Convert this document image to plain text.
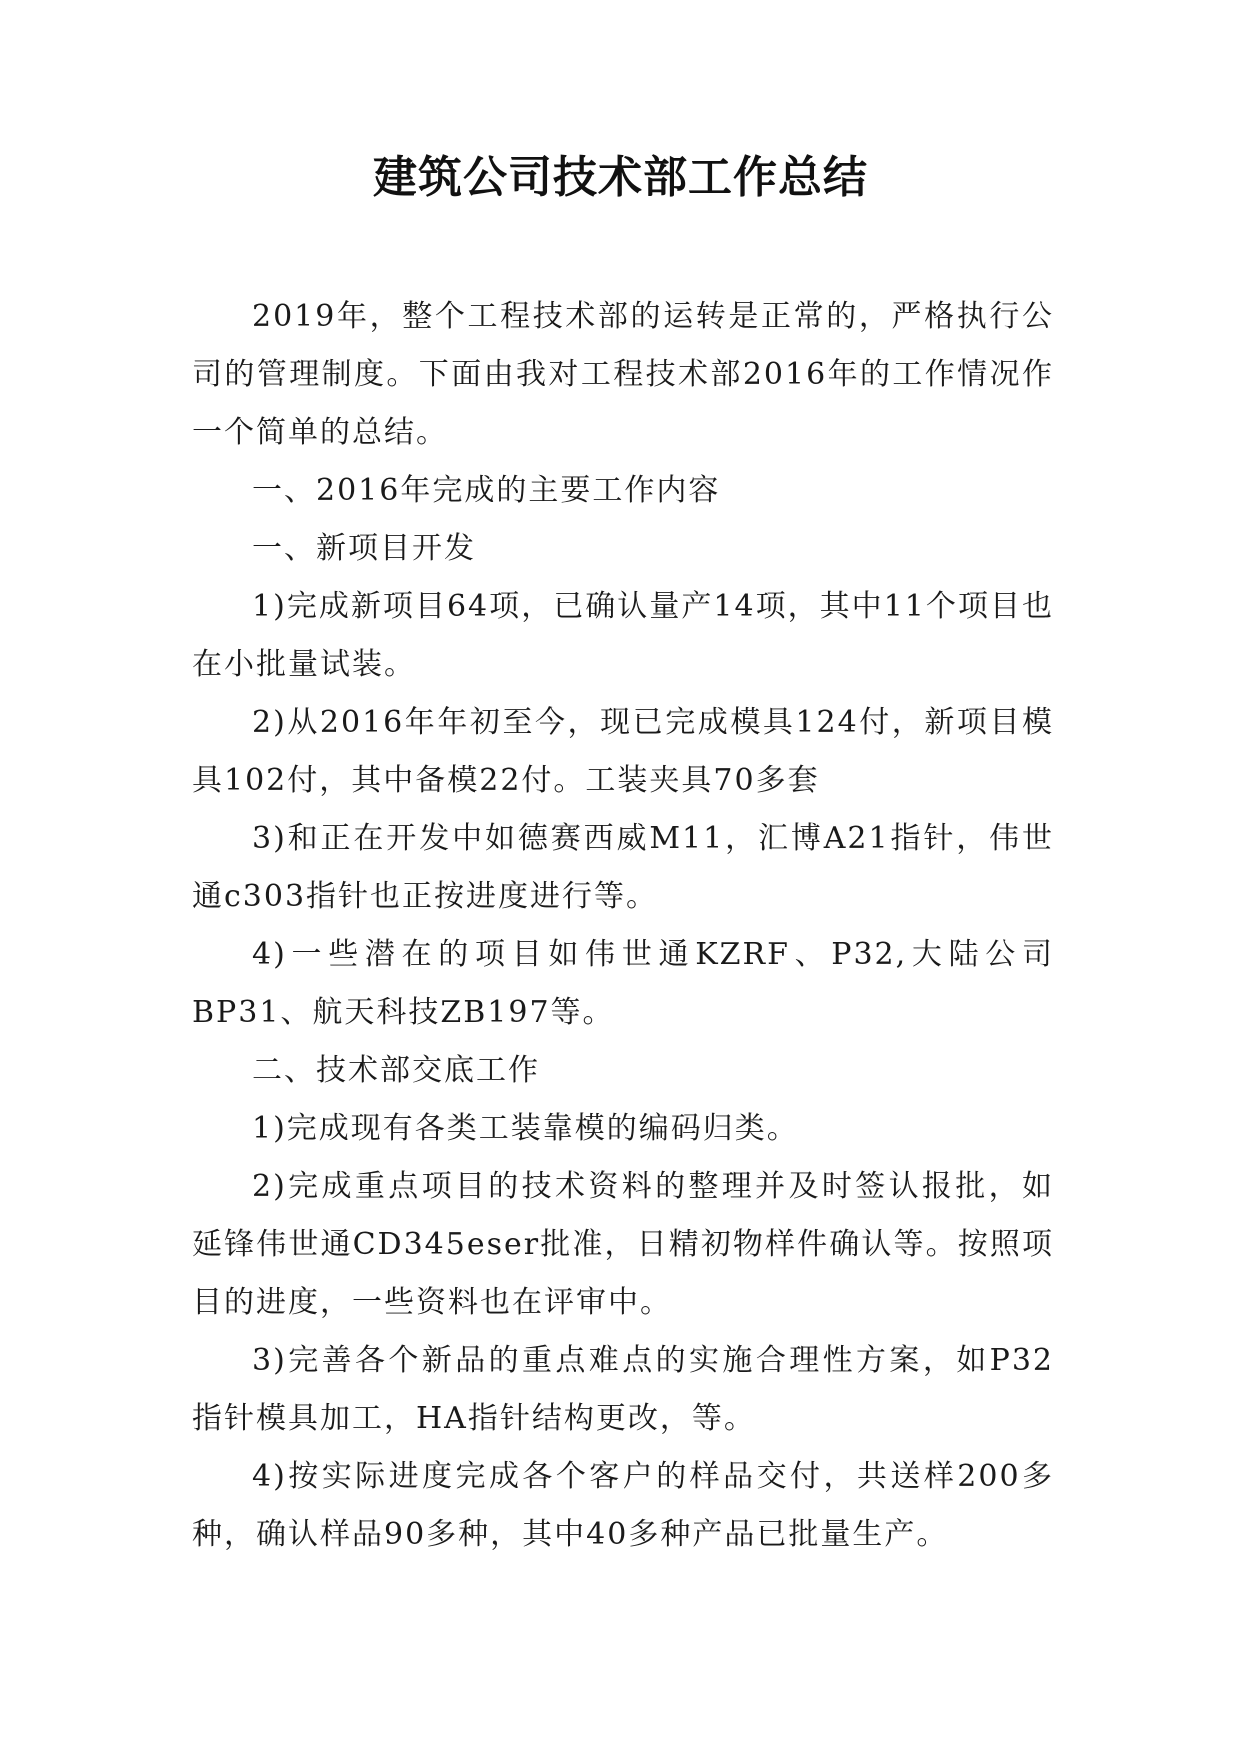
建筑公司技术部工作总结

2019年，整个工程技术部的运转是正常的，严格执行公司的管理制度。下面由我对工程技术部2016年的工作情况作一个简单的总结。

一、2016年完成的主要工作内容

一、新项目开发

1)完成新项目64项，已确认量产14项，其中11个项目也在小批量试装。

2)从2016年年初至今，现已完成模具124付，新项目模具102付，其中备模22付。工装夹具70多套

3)和正在开发中如德赛西威M11，汇博A21指针，伟世通c303指针也正按进度进行等。

4)一些潜在的项目如伟世通KZRF、P32,大陆公司BP31、航天科技ZB197等。

二、技术部交底工作

1)完成现有各类工装靠模的编码归类。

2)完成重点项目的技术资料的整理并及时签认报批，如延锋伟世通CD345eser批准，日精初物样件确认等。按照项目的进度，一些资料也在评审中。

3)完善各个新品的重点难点的实施合理性方案，如P32指针模具加工，HA指针结构更改，等。

4)按实际进度完成各个客户的样品交付，共送样200多种，确认样品90多种，其中40多种产品已批量生产。
